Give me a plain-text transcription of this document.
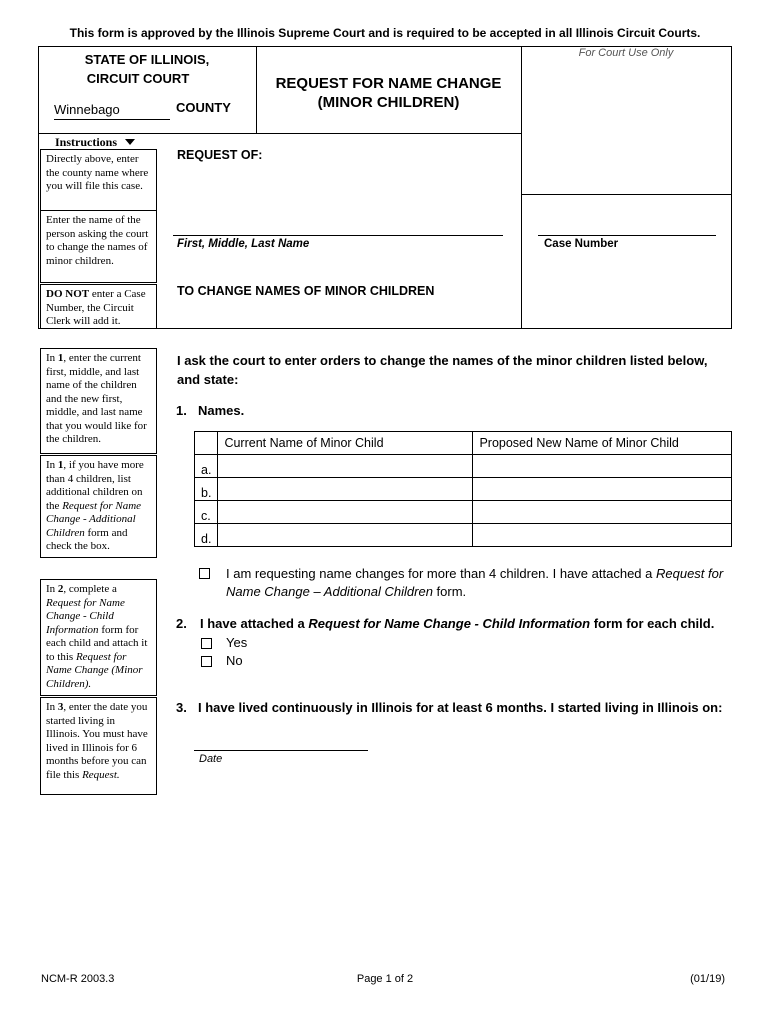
This form is approved by the Illinois Supreme Court and is required to be accepted in all Illinois Circuit Courts.
STATE OF ILLINOIS,
CIRCUIT COURT
Winnebago	COUNTY
REQUEST FOR NAME CHANGE
(MINOR CHILDREN)
For Court Use Only
Instructions
Directly above, enter the county name where you will file this case.
Enter the name of the person asking the court to change the names of minor children.
DO NOT enter a Case Number, the Circuit Clerk will add it.
REQUEST OF:
First, Middle, Last Name	Case Number
TO CHANGE NAMES OF MINOR CHILDREN
In 1, enter the current first, middle, and last name of the children and the new first, middle, and last name that you would like for the children.
In 1, if you have more than 4 children, list additional children on the Request for Name Change - Additional Children form and check the box.
In 2, complete a Request for Name Change - Child Information form for each child and attach it to this Request for Name Change (Minor Children).
In 3, enter the date you started living in Illinois. You must have lived in Illinois for 6 months before you can file this Request.
I ask the court to enter orders to change the names of the minor children listed below, and state:
1. Names.
	Current Name of Minor Child	Proposed New Name of Minor Child
a.		
b.		
c.		
d.		
I am requesting name changes for more than 4 children. I have attached a Request for Name Change – Additional Children form.
2. I have attached a Request for Name Change - Child Information form for each child.
Yes
No
3. I have lived continuously in Illinois for at least 6 months. I started living in Illinois on:
Date
NCM-R 2003.3	Page 1 of 2	(01/19)
